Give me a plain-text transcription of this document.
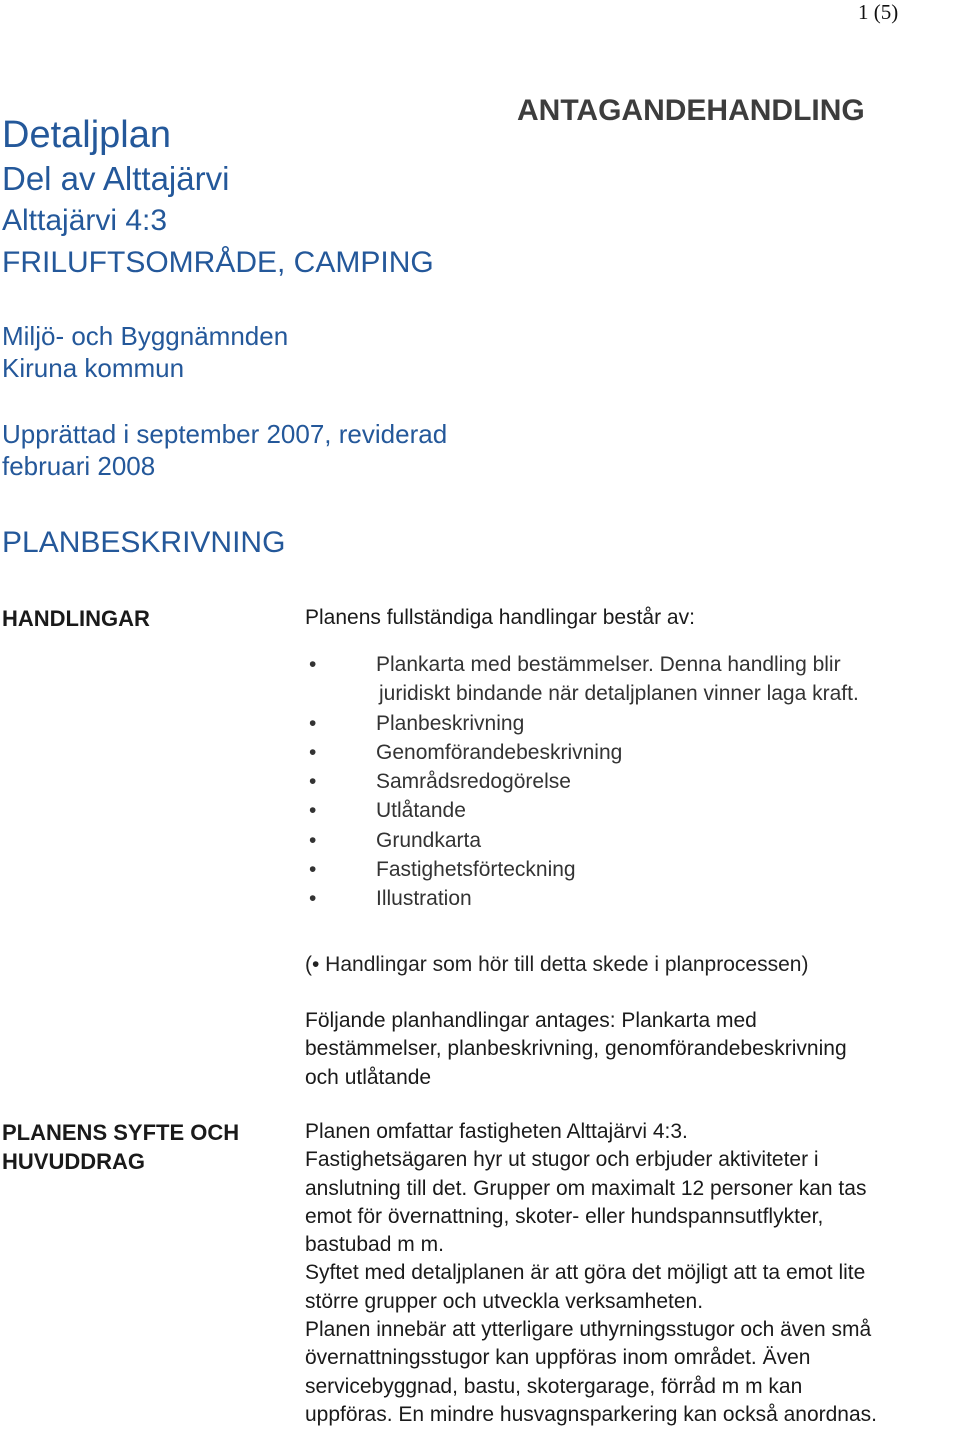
1 (5)
ANTAGANDEHANDLING
Detaljplan
Del av Alttajärvi
Alttajärvi 4:3
FRILUFTSOMRÅDE, CAMPING
Miljö- och Byggnämnden
Kiruna kommun
Upprättad i september 2007, reviderad
februari 2008
PLANBESKRIVNING
HANDLINGAR	Planens fullständiga handlingar består av:
•	Plankarta med bestämmelser. Denna handling blir
juridiskt bindande när detaljplanen vinner laga kraft.
•	Planbeskrivning
•	Genomförandebeskrivning
•	Samrådsredogörelse
•	Utlåtande
•	Grundkarta
•	Fastighetsförteckning
•	Illustration
(• Handlingar som hör till detta skede i planprocessen)
Följande planhandlingar antages: Plankarta med
bestämmelser, planbeskrivning, genomförandebeskrivning
och utlåtande
PLANENS SYFTE OCH
HUVUDDRAG
Planen omfattar fastigheten Alttajärvi 4:3.
Fastighetsägaren hyr ut stugor och erbjuder aktiviteter i
anslutning till det. Grupper om maximalt 12 personer kan tas
emot för övernattning, skoter- eller hundspannsutflykter,
bastubad m m.
Syftet med detaljplanen är att göra det möjligt att ta emot lite
större grupper och utveckla verksamheten.
Planen innebär att ytterligare uthyrningsstugor och även små
övernattningsstugor kan uppföras inom området. Även
servicebyggnad, bastu, skotergarage, förråd m m kan
uppföras. En mindre husvagnsparkering kan också anordnas.
